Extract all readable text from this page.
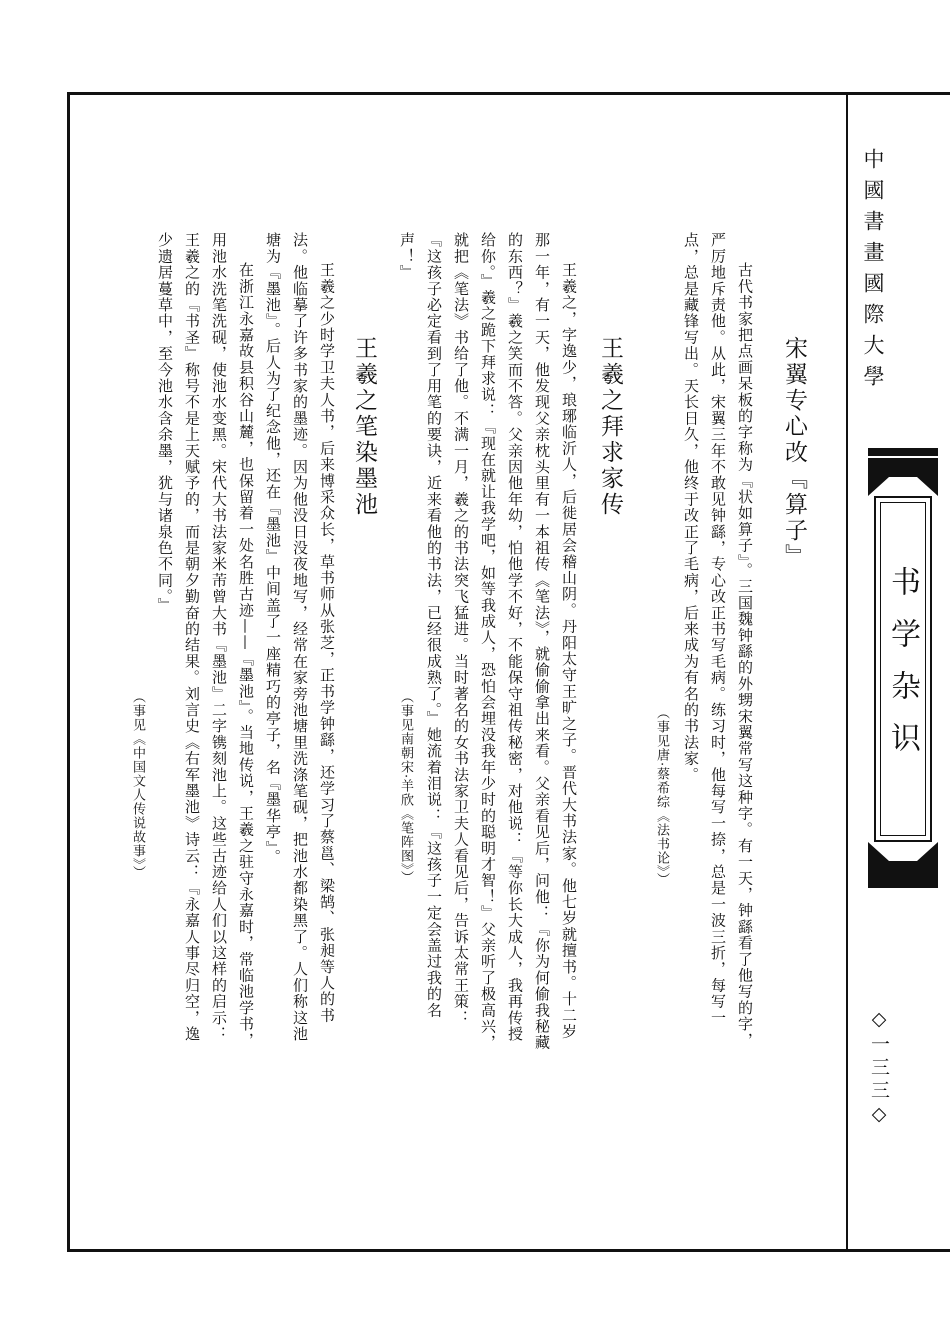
中國書畫國際大學
书学杂识
◇一三三◇
宋翼专心改『算子』

古代书家把点画呆板的字称为『状如算子』。三国魏钟繇的外甥宋翼常写这种字。有一天，钟繇看了他写的字，严厉地斥责他。从此，宋翼三年不敢见钟繇，专心改正书写毛病。练习时，他每写一捺，总是一波三折，每写一点，总是藏锋写出。天长日久，他终于改正了毛病，后来成为有名的书法家。

（事见唐·蔡希综《法书论》）
王羲之拜求家传

王羲之，字逸少，琅琊临沂人，后徙居会稽山阴。丹阳太守王旷之子。晋代大书法家。他七岁就擅书。十二岁那一年，有一天，他发现父亲枕头里有一本祖传《笔法》，就偷偷拿出来看。父亲看见后，问他：『你为何偷我秘藏的东西？』羲之笑而不答。父亲因他年幼，怕他学不好，不能保守祖传秘密，对他说：『等你长大成人，我再传授给你。』羲之跪下拜求说：『现在就让我学吧，如等我成人，恐怕会埋没我年少时的聪明才智！』父亲听了极高兴，就把《笔法》书给了他。不满一月，羲之的书法突飞猛进。当时著名的女书法家卫夫人看见后，告诉太常王策：『这孩子必定看到了用笔的要诀，近来看他的书法，已经很成熟了。』她流着泪说：『这孩子一定会盖过我的名声！』

（事见南朝宋·羊欣《笔阵图》）
王羲之笔染墨池

王羲之少时学卫夫人书，后来博采众长，草书师从张芝，正书学钟繇，还学习了蔡邕、梁鹄、张昶等人的书法。他临摹了许多书家的墨迹。因为他没日没夜地写，经常在家旁池塘里洗涤笔砚，把池水都染黑了。人们称这池塘为『墨池』。后人为了纪念他，还在『墨池』中间盖了一座精巧的亭子，名『墨华亭』。

在浙江永嘉故县积谷山麓，也保留着一处名胜古迹——『墨池』。当地传说，王羲之驻守永嘉时，常临池学书，用池水洗笔洗砚，使池水变黑。宋代大书法家米芾曾大书『墨池』二字镌刻池上。这些古迹给人们以这样的启示：王羲之的『书圣』称号不是上天赋予的，而是朝夕勤奋的结果。刘言史《右军墨池》诗云：『永嘉人事尽归空，逸少遗居蔓草中，至今池水含余墨，犹与诸泉色不同。』

（事见《中国文人传说故事》）
